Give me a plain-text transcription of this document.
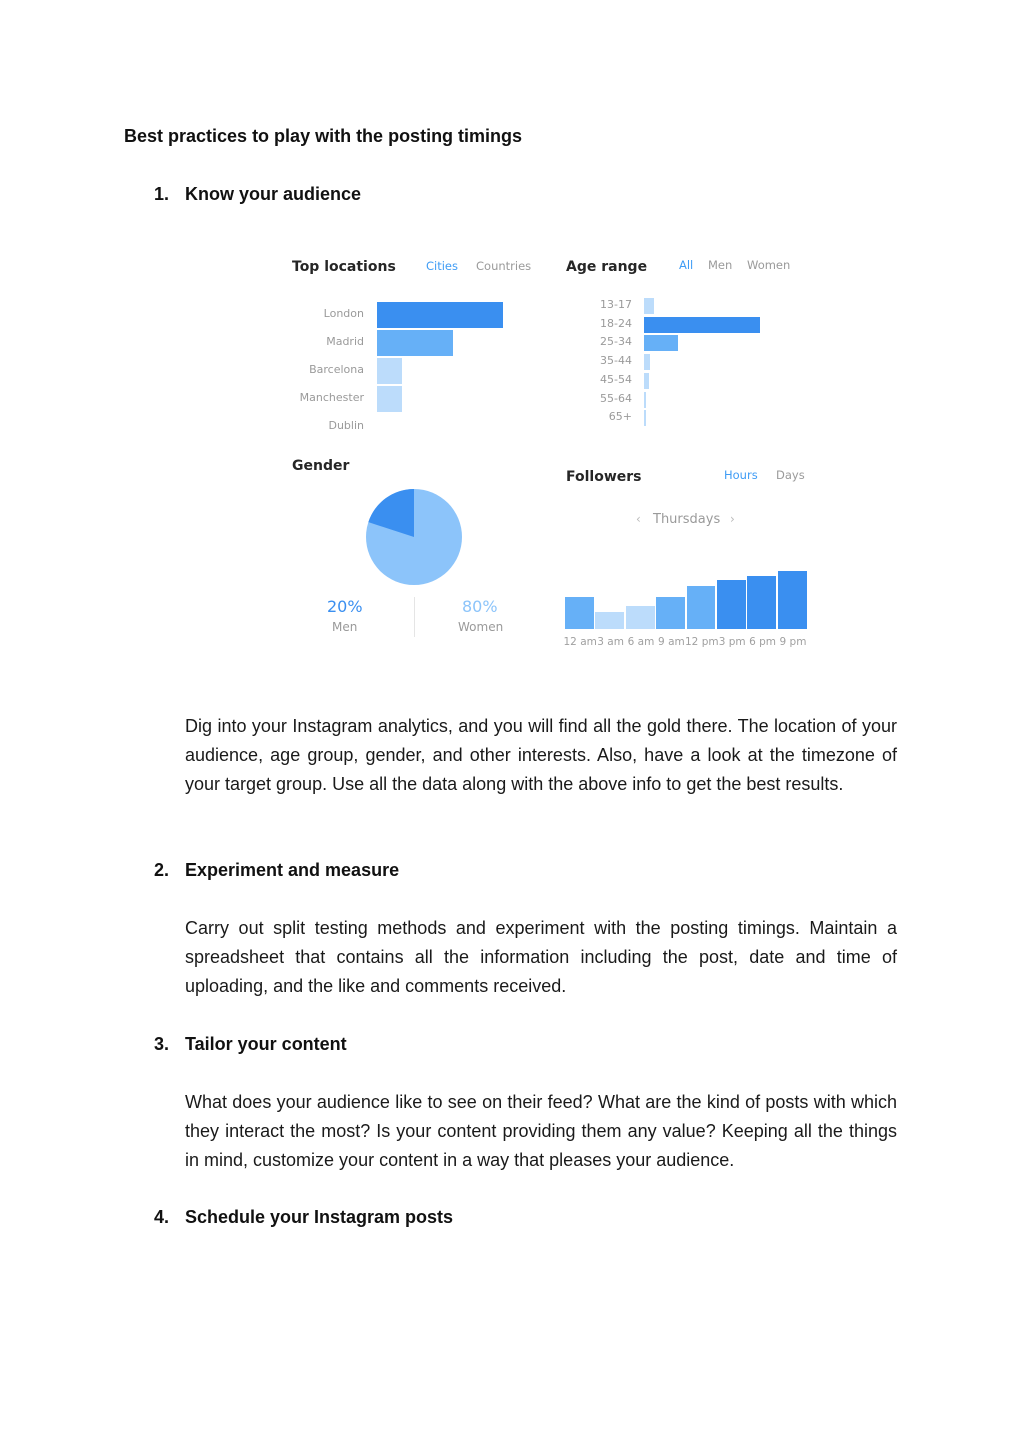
Best practices to play with the posting timings
1. Know your audience
Top locations	Cities Countries
London
Madrid
Barcelona
Manchester
Dublin
Age range	All Men Women
13-17
18-24
25-34
35-44
45-54
55-64
65+
Gender
20%
Men
80%
Women
Followers	Hours Days
‹ Thursdays ›
12 am 3 am 6 am 9 am 12 pm 3 pm 6 pm 9 pm
Dig into your Instagram analytics, and you will find all the gold there. The location of your audience, age group, gender, and other interests. Also, have a look at the timezone of your target group. Use all the data along with the above info to get the best results.
2. Experiment and measure
Carry out split testing methods and experiment with the posting timings. Maintain a spreadsheet that contains all the information including the post, date and time of uploading, and the like and comments received.
3. Tailor your content
What does your audience like to see on their feed? What are the kind of posts with which they interact the most? Is your content providing them any value? Keeping all the things in mind, customize your content in a way that pleases your audience.
4. Schedule your Instagram posts
